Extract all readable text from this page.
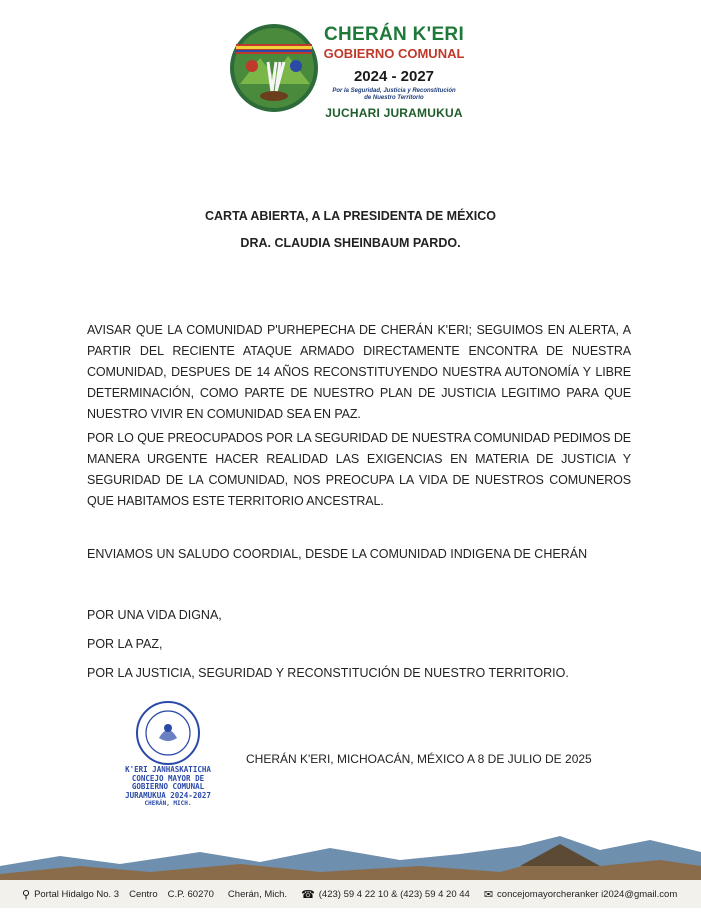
CHERÁN K'ERI
GOBIERNO COMUNAL
2024 - 2027
Por la Seguridad, Justicia y Reconstitución
de Nuestro Territorio
JUCHARI JURAMUKUA
CARTA ABIERTA, A LA PRESIDENTA DE MÉXICO
DRA. CLAUDIA SHEINBAUM PARDO.
AVISAR QUE LA COMUNIDAD P'URHEPECHA DE CHERÁN K'ERI; SEGUIMOS EN ALERTA, A PARTIR DEL RECIENTE ATAQUE ARMADO DIRECTAMENTE ENCONTRA DE NUESTRA COMUNIDAD, DESPUES DE 14 AÑOS RECONSTITUYENDO NUESTRA AUTONOMÍA Y LIBRE DETERMINACIÓN, COMO PARTE DE NUESTRO PLAN DE JUSTICIA LEGITIMO PARA QUE NUESTRO VIVIR EN COMUNIDAD SEA EN PAZ.
POR LO QUE PREOCUPADOS POR LA SEGURIDAD DE NUESTRA COMUNIDAD PEDIMOS DE MANERA URGENTE HACER REALIDAD LAS EXIGENCIAS EN MATERIA DE JUSTICIA Y SEGURIDAD DE LA COMUNIDAD, NOS PREOCUPA LA VIDA DE NUESTROS COMUNEROS QUE HABITAMOS ESTE TERRITORIO ANCESTRAL.
ENVIAMOS UN SALUDO COORDIAL, DESDE LA COMUNIDAD INDIGENA DE CHERÁN
POR UNA VIDA DIGNA,
POR LA PAZ,
POR LA JUSTICIA, SEGURIDAD Y RECONSTITUCIÓN DE NUESTRO TERRITORIO.
K'ERI JANHASKATICHA
CONCEJO MAYOR DE
GOBIERNO COMUNAL
JURAMUKUA 2024-2027
CHERÁN, MICH.
CHERÁN K'ERI, MICHOACÁN, MÉXICO A 8 DE JULIO DE 2025
⚲ Portal Hidalgo No. 3 Centro C.P. 60270 Cherán, Mich. ☎ (423) 59 4 22 10 & (423) 59 4 20 44 ✉ concejomayorcheranker i2024@gmail.com
